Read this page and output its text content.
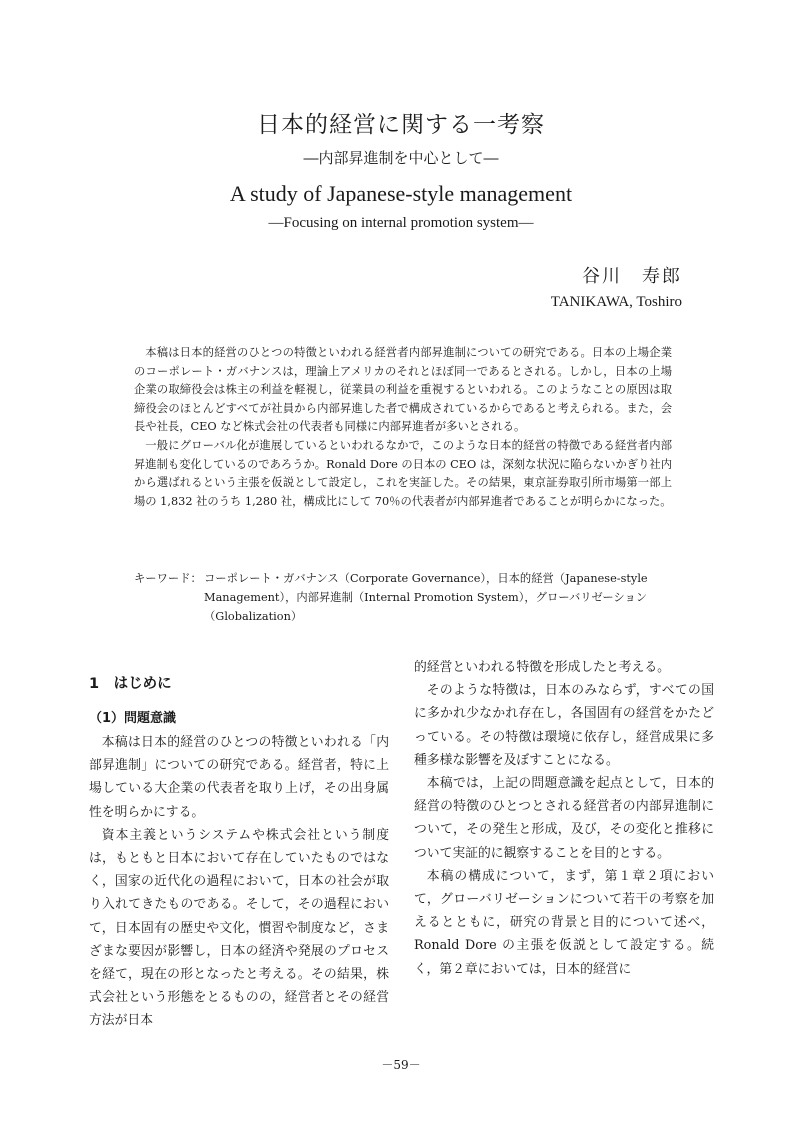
日本的経営に関する一考察
―内部昇進制を中心として―
A study of Japanese-style management
―Focusing on internal promotion system―
谷川　寿郎
TANIKAWA, Toshiro

本稿は日本的経営のひとつの特徴といわれる経営者内部昇進制についての研究である。日本の上場企業のコーポレート・ガバナンスは，理論上アメリカのそれとほぼ同一であるとされる。しかし，日本の上場企業の取締役会は株主の利益を軽視し，従業員の利益を重視するといわれる。このようなことの原因は取締役会のほとんどすべてが社員から内部昇進した者で構成されているからであると考えられる。また，会長や社長，CEO など株式会社の代表者も同様に内部昇進者が多いとされる。

一般にグローバル化が進展しているといわれるなかで，このような日本的経営の特徴である経営者内部昇進制も変化しているのであろうか。Ronald Dore の日本の CEO は，深刻な状況に陥らないかぎり社内から選ばれるという主張を仮説として設定し，これを実証した。その結果，東京証券取引所市場第一部上場の 1,832 社のうち 1,280 社，構成比にして 70％の代表者が内部昇進者であることが明らかになった。

キーワード： コーポレート・ガバナンス（Corporate Governance），日本的経営（Japanese-style Management），内部昇進制（Internal Promotion System），グローバリゼーション（Globalization）
1　はじめに
（1）問題意識

本稿は日本的経営のひとつの特徴といわれる「内部昇進制」についての研究である。経営者，特に上場している大企業の代表者を取り上げ，その出身属性を明らかにする。

資本主義というシステムや株式会社という制度は，もともと日本において存在していたものではなく，国家の近代化の過程において，日本の社会が取り入れてきたものである。そして，その過程において，日本固有の歴史や文化，慣習や制度など，さまざまな要因が影響し，日本の経済や発展のプロセスを経て，現在の形となったと考える。その結果，株式会社という形態をとるものの，経営者とその経営方法が日本

的経営といわれる特徴を形成したと考える。

そのような特徴は，日本のみならず，すべての国に多かれ少なかれ存在し，各国固有の経営をかたどっている。その特徴は環境に依存し，経営成果に多種多様な影響を及ぼすことになる。

本稿では，上記の問題意識を起点として，日本的経営の特徴のひとつとされる経営者の内部昇進制について，その発生と形成，及び，その変化と推移について実証的に観察することを目的とする。

本稿の構成について，まず，第１章２項において，グローバリゼーションについて若干の考察を加えるとともに，研究の背景と目的について述べ，Ronald Dore の主張を仮説として設定する。続く，第２章においては，日本的経営に

－59－
